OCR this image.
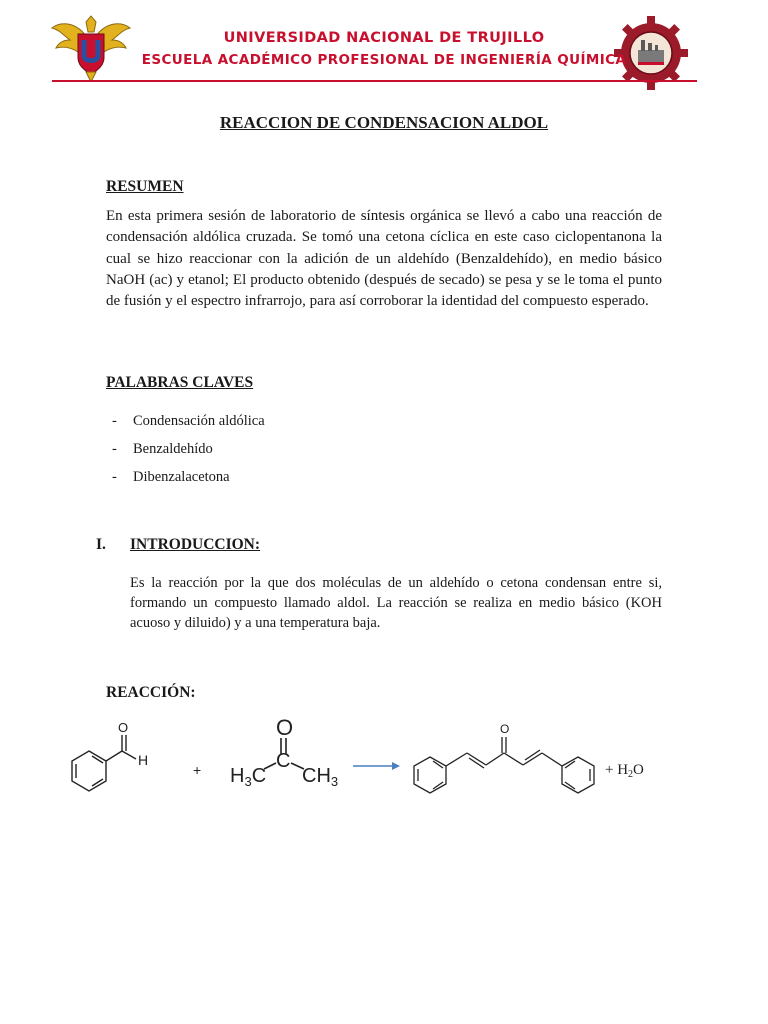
UNIVERSIDAD NACIONAL DE TRUJILLO
ESCUELA ACADÉMICO PROFESIONAL DE INGENIERÍA QUÍMICA
REACCION DE CONDENSACION ALDOL
RESUMEN

En esta primera sesión de laboratorio de síntesis orgánica se llevó a cabo una reacción de condensación aldólica cruzada. Se tomó una cetona cíclica en este caso ciclopentanona la cual se hizo reaccionar con la adición de un aldehído (Benzaldehído), en medio básico NaOH (ac) y etanol; El producto obtenido (después de secado) se pesa y se le toma el punto de fusión y el espectro infrarrojo, para así corroborar la identidad del compuesto esperado.

PALABRAS CLAVES
- Condensación aldólica
- Benzaldehído
- Dibenzalacetona
I. INTRODUCCION:

Es la reacción por la que dos moléculas de un aldehído o cetona condensan entre si, formando un compuesto llamado aldol. La reacción se realiza en medio básico (KOH acuoso y diluido) y a una temperatura baja.

REACCIÓN:
O
H
+
O
C
$H_3C$ $CH_3$
O
+ $H_2O$
